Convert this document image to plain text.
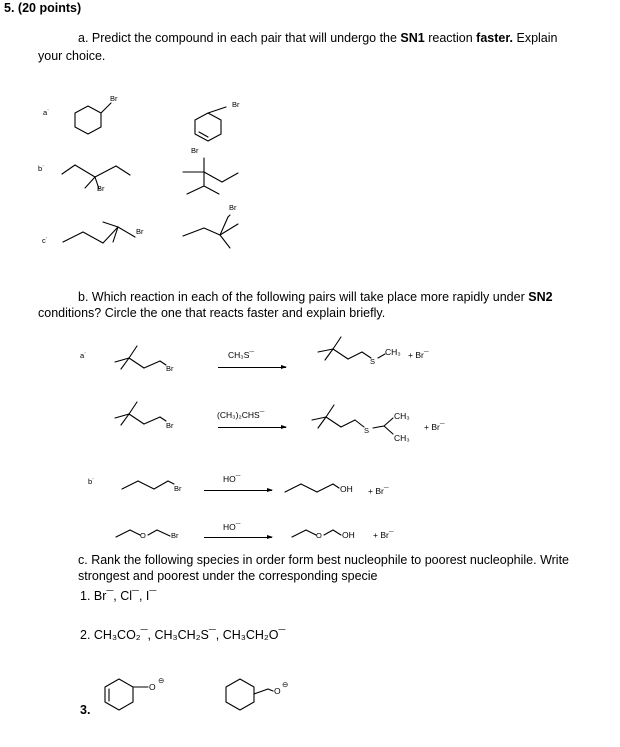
5. (20 points)
a. Predict the compound in each pair that will undergo the SN1 reaction faster. Explain
your choice.
a˙
b˙
c˙
Br
Br
Br
Br
Br
Br
b. Which reaction in each of the following pairs will take place more rapidly under SN2
conditions? Circle the one that reacts faster and explain briefly.
a˙
b˙
Br
CH₃S¯
S
CH₃ + Br¯
Br
(CH₃)₂CHS¯
S
CH₃
CH₃
+ Br¯
Br
HO¯
OH + Br¯
O	Br
HO¯
O OH + Br¯
c. Rank the following species in order form best nucleophile to poorest nucleophile. Write
strongest and poorest under the corresponding specie
1. Br¯, Cl¯, I¯
2. CH₃CO₂¯, CH₃CH₂S¯, CH₃CH₂O¯
3.
O
⊖
O
⊖
